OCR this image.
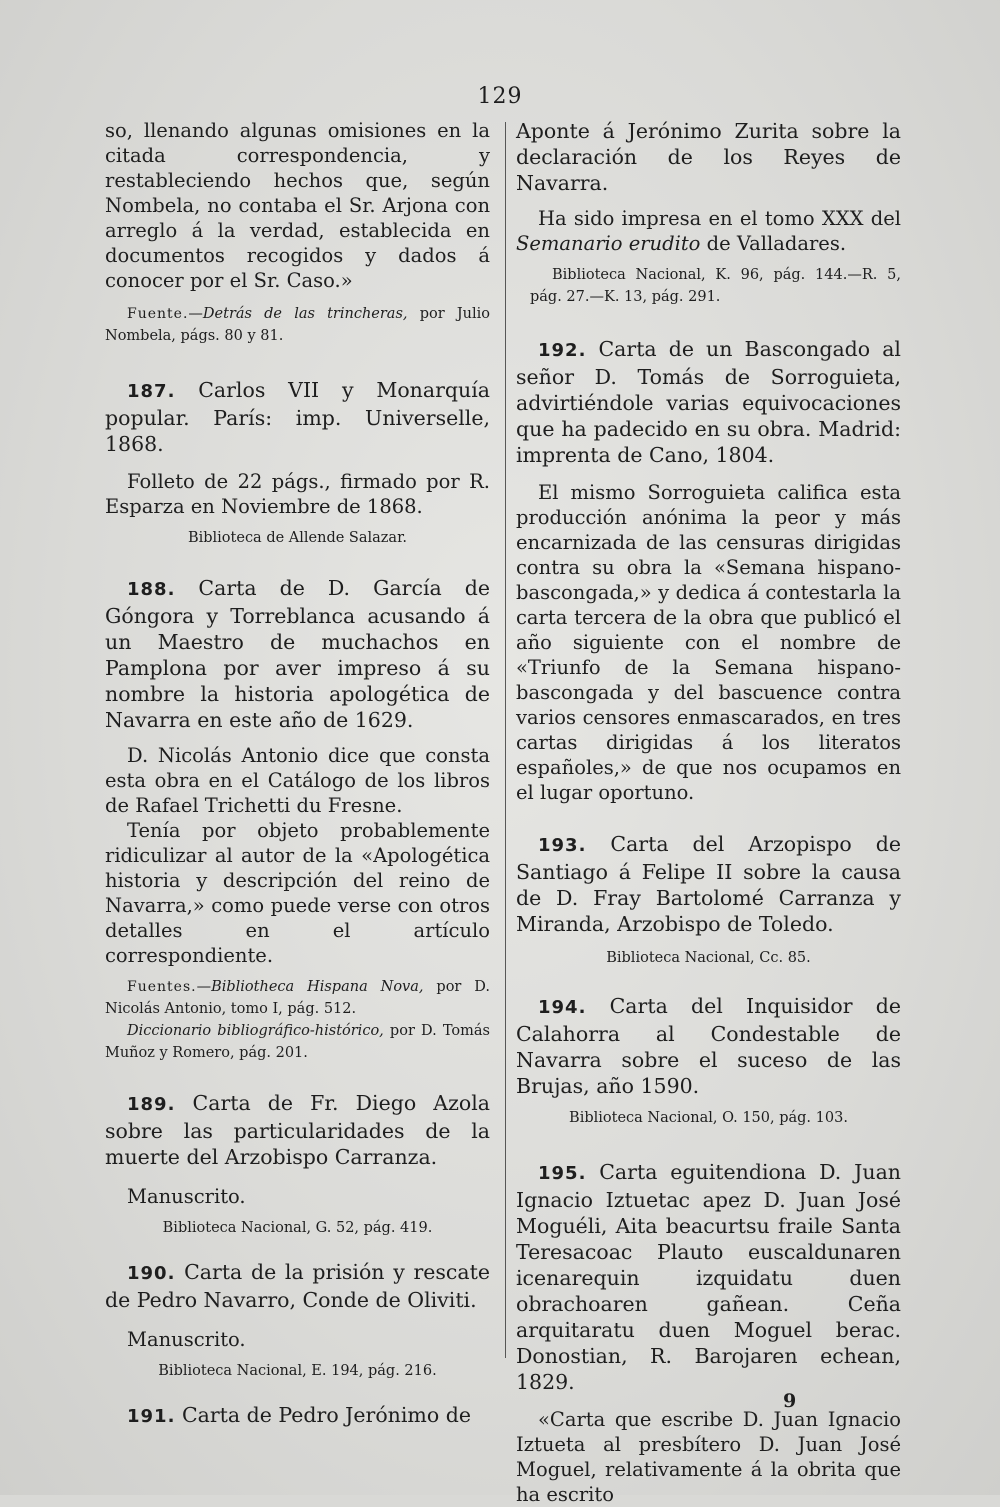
129

so, llenando algunas omisiones en la citada correspondencia, y restableciendo hechos que, según Nombela, no contaba el Sr. Arjona con arreglo á la verdad, establecida en documentos recogidos y dados á conocer por el Sr. Caso.»

Fuente.—Detrás de las trincheras, por Julio Nombela, págs. 80 y 81.

187. Carlos VII y Monarquía popular. París: imp. Universelle, 1868.

Folleto de 22 págs., firmado por R. Esparza en Noviembre de 1868.

Biblioteca de Allende Salazar.

188. Carta de D. García de Góngora y Torreblanca acusando á un Maestro de muchachos en Pamplona por aver impreso á su nombre la historia apologética de Navarra en este año de 1629.

D. Nicolás Antonio dice que consta esta obra en el Catálogo de los libros de Rafael Trichetti du Fresne.

Tenía por objeto probablemente ridiculizar al autor de la «Apologética historia y descripción del reino de Navarra,» como puede verse con otros detalles en el artículo correspondiente.

Fuentes.—Bibliotheca Hispana Nova, por D. Nicolás Antonio, tomo I, pág. 512.

Diccionario bibliográfico-histórico, por D. Tomás Muñoz y Romero, pág. 201.

189. Carta de Fr. Diego Azola sobre las particularidades de la muerte del Arzobispo Carranza.

Manuscrito.

Biblioteca Nacional, G. 52, pág. 419.

190. Carta de la prisión y rescate de Pedro Navarro, Conde de Oliviti.

Manuscrito.

Biblioteca Nacional, E. 194, pág. 216.

191. Carta de Pedro Jerónimo de

Aponte á Jerónimo Zurita sobre la declaración de los Reyes de Navarra.

Ha sido impresa en el tomo XXX del Semanario erudito de Valladares.

Biblioteca Nacional, K. 96, pág. 144.—R. 5, pág. 27.—K. 13, pág. 291.

192. Carta de un Bascongado al señor D. Tomás de Sorroguieta, advirtiéndole varias equivocaciones que ha padecido en su obra. Madrid: imprenta de Cano, 1804.

El mismo Sorroguieta califica esta producción anónima la peor y más encarnizada de las censuras dirigidas contra su obra la «Semana hispano-bascongada,» y dedica á contestarla la carta tercera de la obra que publicó el año siguiente con el nombre de «Triunfo de la Semana hispano-bascongada y del bascuence contra varios censores enmascarados, en tres cartas dirigidas á los literatos españoles,» de que nos ocupamos en el lugar oportuno.

193. Carta del Arzopispo de Santiago á Felipe II sobre la causa de D. Fray Bartolomé Carranza y Miranda, Arzobispo de Toledo.

Biblioteca Nacional, Cc. 85.

194. Carta del Inquisidor de Calahorra al Condestable de Navarra sobre el suceso de las Brujas, año 1590.

Biblioteca Nacional, O. 150, pág. 103.

195. Carta eguitendiona D. Juan Ignacio Iztuetac apez D. Juan José Moguéli, Aita beacurtsu fraile Santa Teresacoac Plauto euscaldunaren icenarequin izquidatu duen obrachoaren gañean. Ceña arquitaratu duen Moguel berac. Donostian, R. Barojaren echean, 1829.

«Carta que escribe D. Juan Ignacio Iztueta al presbítero D. Juan José Moguel, relativamente á la obrita que ha escrito

9
